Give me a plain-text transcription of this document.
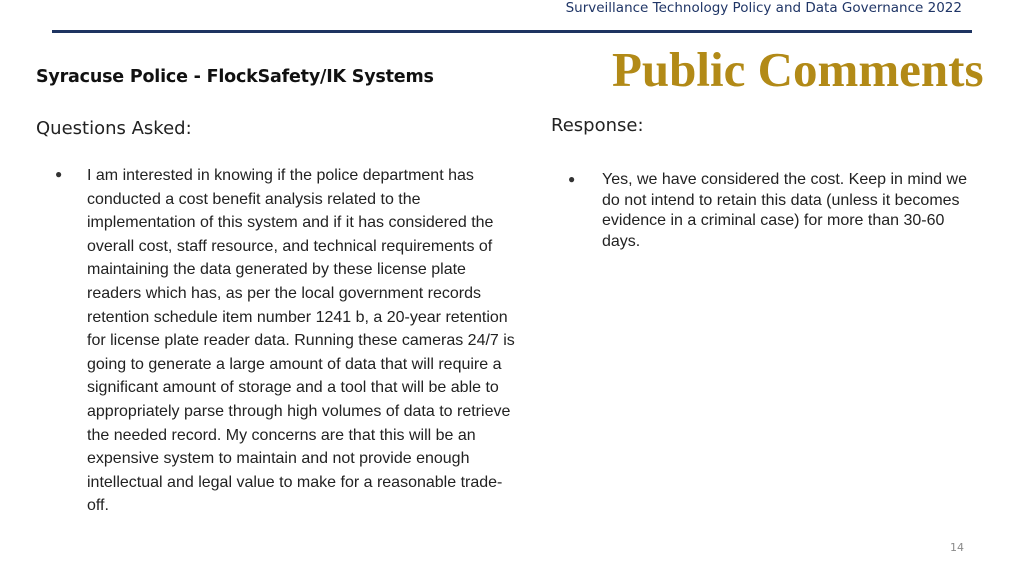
Surveillance Technology Policy and Data Governance 2022
Syracuse Police - FlockSafety/IK Systems	Public Comments
Questions Asked:	Response:
● I am interested in knowing if the police department has conducted a cost benefit analysis related to the implementation of this system and if it has considered the overall cost, staff resource, and technical requirements of maintaining the data generated by these license plate readers which has, as per the local government records retention schedule item number 1241 b, a 20-year retention for license plate reader data. Running these cameras 24/7 is going to generate a large amount of data that will require a significant amount of storage and a tool that will be able to appropriately parse through high volumes of data to retrieve the needed record. My concerns are that this will be an expensive system to maintain and not provide enough intellectual and legal value to make for a reasonable trade-off.
● Yes, we have considered the cost. Keep in mind we do not intend to retain this data (unless it becomes evidence in a criminal case) for more than 30-60 days.
14
